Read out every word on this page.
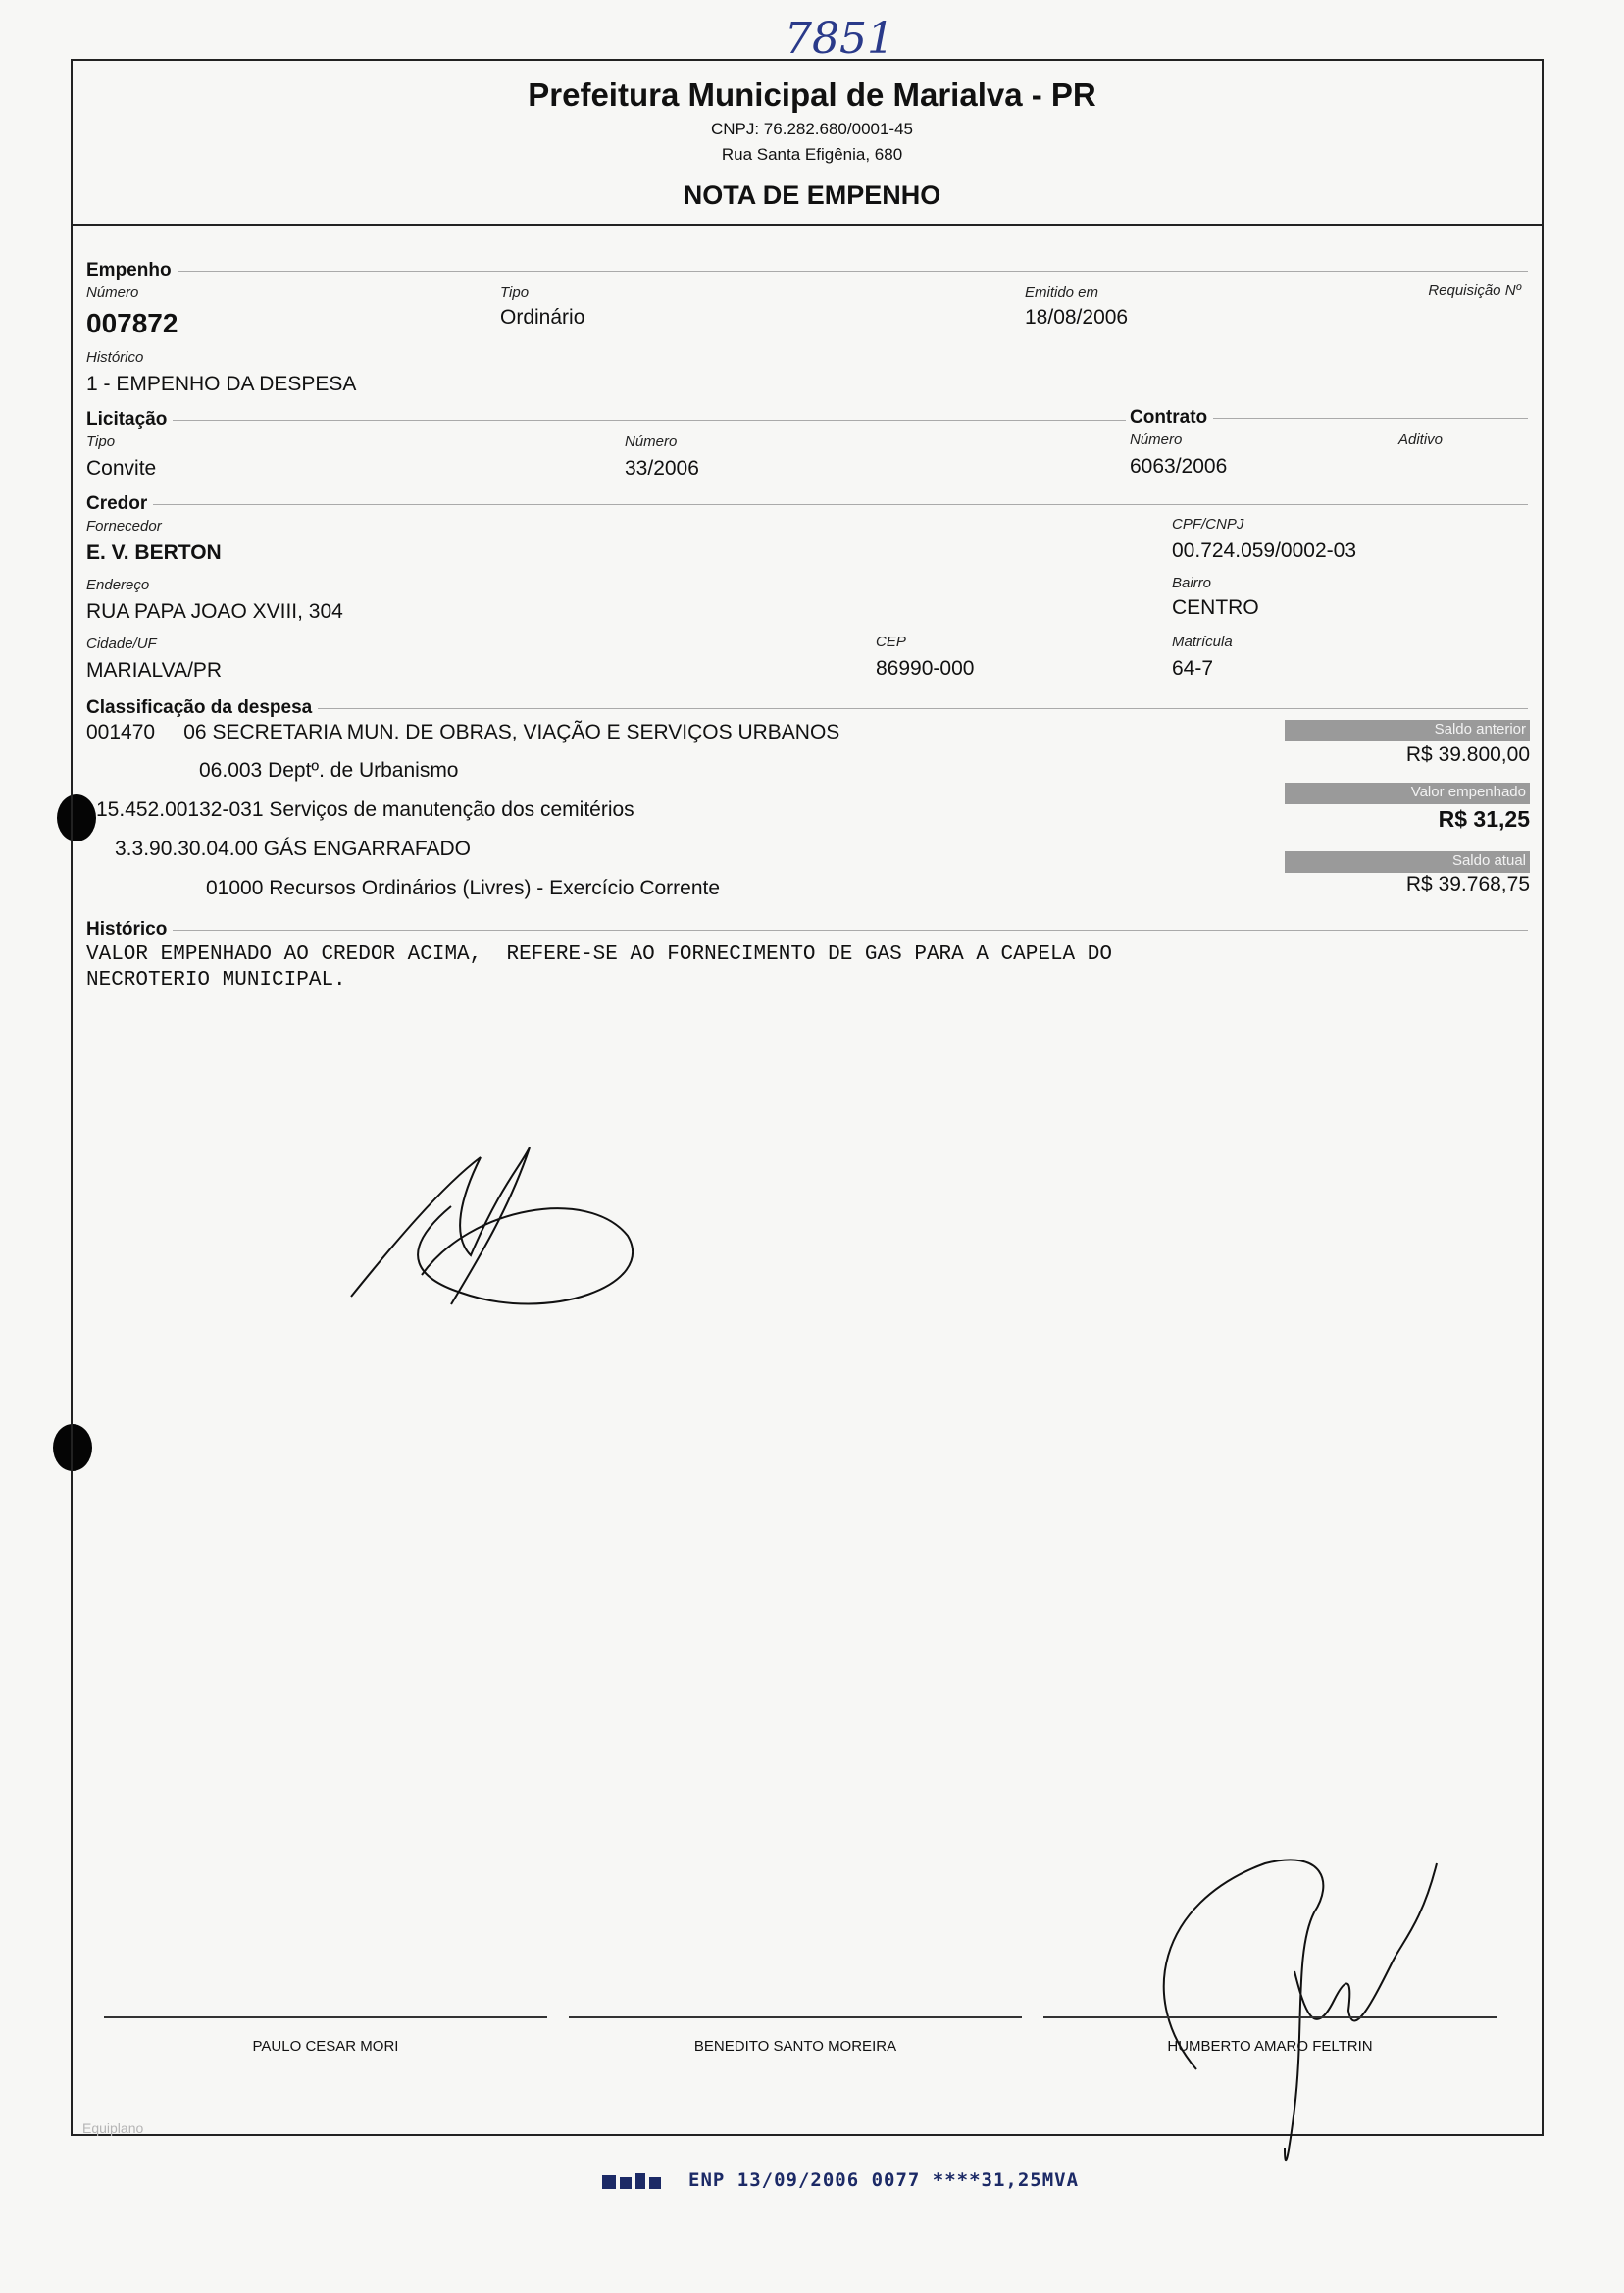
7851
Prefeitura Municipal de Marialva - PR
CNPJ: 76.282.680/0001-45
Rua Santa Efigênia, 680
NOTA DE EMPENHO
Empenho
Número
007872
Tipo
Ordinário
Emitido em
18/08/2006
Requisição Nº
Histórico
1 - EMPENHO DA DESPESA
Licitação	Contrato
Tipo
Convite
Número
33/2006
Número
6063/2006
Aditivo
Credor
Fornecedor
E. V. BERTON
CPF/CNPJ
00.724.059/0002-03
Endereço
RUA PAPA JOAO XVIII, 304
Bairro
CENTRO
Cidade/UF
MARIALVA/PR
CEP
86990-000
Matrícula
64-7
Classificação da despesa
001470     06 SECRETARIA MUN. DE OBRAS, VIAÇÃO E SERVIÇOS URBANOS
06.003 Deptº. de Urbanismo
15.452.00132-031 Serviços de manutenção dos cemitérios
3.3.90.30.04.00 GÁS ENGARRAFADO
01000 Recursos Ordinários (Livres) - Exercício Corrente
Saldo anterior
R$ 39.800,00
Valor empenhado
R$ 31,25
Saldo atual
R$ 39.768,75
Histórico
VALOR EMPENHADO AO CREDOR ACIMA,  REFERE-SE AO FORNECIMENTO DE GAS PARA A CAPELA DO
NECROTERIO MUNICIPAL.
PAULO CESAR MORI	BENEDITO SANTO MOREIRA	HUMBERTO AMARO FELTRIN
Equiplano
ENP 13/09/2006 0077 ****31,25MVA
